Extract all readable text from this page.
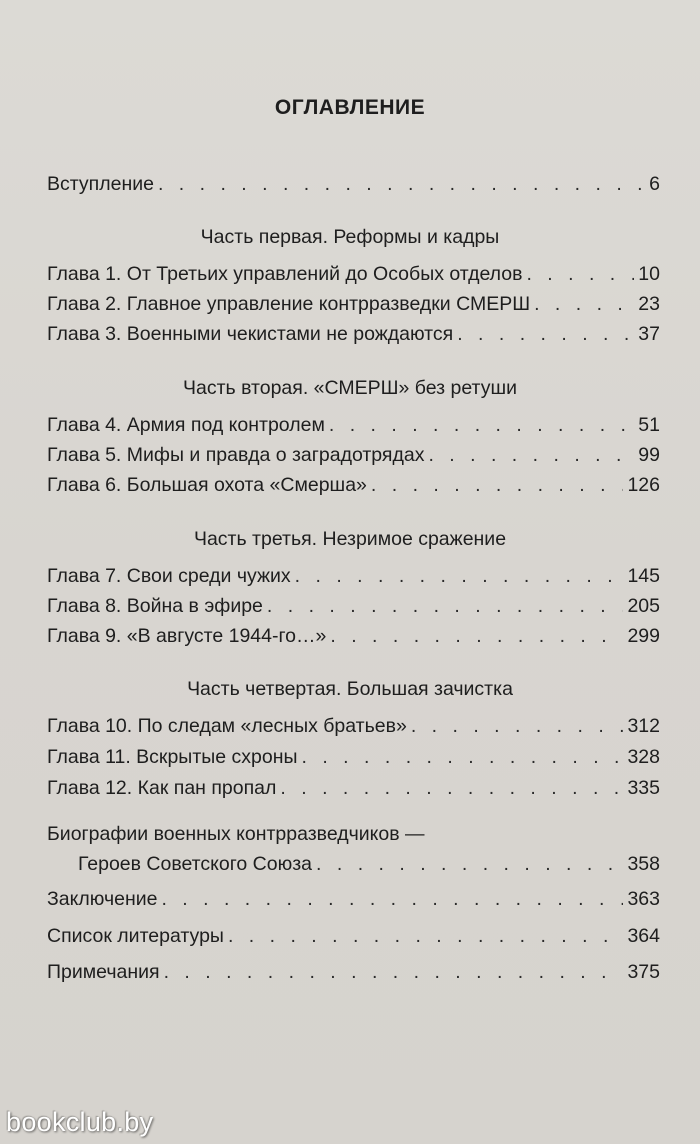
ОГЛАВЛЕНИЕ
Вступление . . .	6
Часть первая. Реформы и кадры
Глава 1. От Третьих управлений до Особых отделов . . .	10
Глава 2. Главное управление контрразведки СМЕРШ . . .	23
Глава 3. Военными чекистами не рождаются . . .	37
Часть вторая. «СМЕРШ» без ретуши
Глава 4. Армия под контролем . . .	51
Глава 5. Мифы и правда о заградотрядах . . .	99
Глава 6. Большая охота «Смерша» . . .	126
Часть третья. Незримое сражение
Глава 7. Свои среди чужих . . .	145
Глава 8. Война в эфире . . .	205
Глава 9. «В августе 1944-го…» . . .	299
Часть четвертая. Большая зачистка
Глава 10. По следам «лесных братьев» . . .	312
Глава 11. Вскрытые схроны . . .	328
Глава 12. Как пан пропал . . .	335
Биографии военных контрразведчиков —
Героев Советского Союза . . .	358
Заключение . . .	363
Список литературы . . .	364
Примечания . . .	375
bookclub.by
